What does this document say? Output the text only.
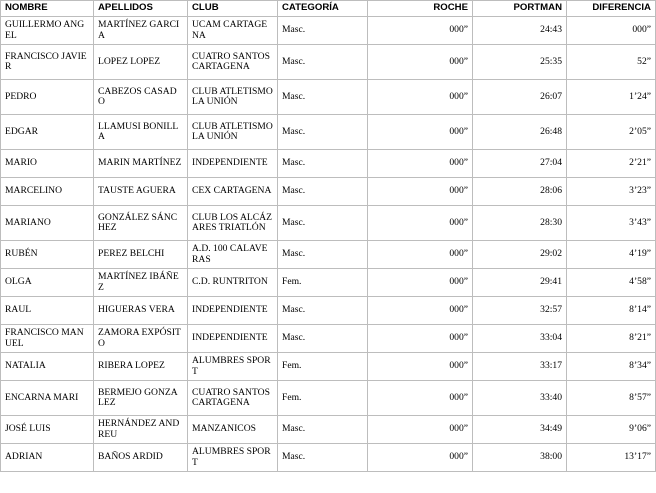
NOMBRE	APELLIDOS	CLUB	CATEGORÍA	ROCHE	PORTMAN	DIFERENCIA
GUILLERMO ANGEL	MARTÍNEZ GARCIA	UCAM CARTAGENA	Masc.	000”	24:43	000”
FRANCISCO JAVIER	LOPEZ LOPEZ	CUATRO SANTOS CARTAGENA	Masc.	000”	25:35	52”
PEDRO	CABEZOS CASADO	CLUB ATLETISMO LA UNIÓN	Masc.	000”	26:07	1’24”
EDGAR	LLAMUSI BONILLA	CLUB ATLETISMO LA UNIÓN	Masc.	000”	26:48	2’05”
MARIO	MARIN MARTÍNEZ	INDEPENDIENTE	Masc.	000”	27:04	2’21”
MARCELINO	TAUSTE AGUERA	CEX CARTAGENA	Masc.	000”	28:06	3’23”
MARIANO	GONZÁLEZ SÁNCHEZ	CLUB LOS ALCÁZARES TRIATLÓN	Masc.	000”	28:30	3’43”
RUBÉN	PEREZ BELCHI	A.D. 100 CALAVERAS	Masc.	000”	29:02	4’19”
OLGA	MARTÍNEZ IBÁÑEZ	C.D. RUNTRITON	Fem.	000”	29:41	4’58”
RAUL	HIGUERAS VERA	INDEPENDIENTE	Masc.	000”	32:57	8’14”
FRANCISCO MANUEL	ZAMORA EXPÓSITO	INDEPENDIENTE	Masc.	000”	33:04	8’21”
NATALIA	RIBERA LOPEZ	ALUMBRES SPORT	Fem.	000”	33:17	8’34”
ENCARNA MARI	BERMEJO GONZALEZ	CUATRO SANTOS CARTAGENA	Fem.	000”	33:40	8’57”
JOSÉ LUIS	HERNÁNDEZ ANDREU	MANZANICOS	Masc.	000”	34:49	9’06”
ADRIAN	BAÑOS ARDID	ALUMBRES SPORT	Masc.	000”	38:00	13’17”
